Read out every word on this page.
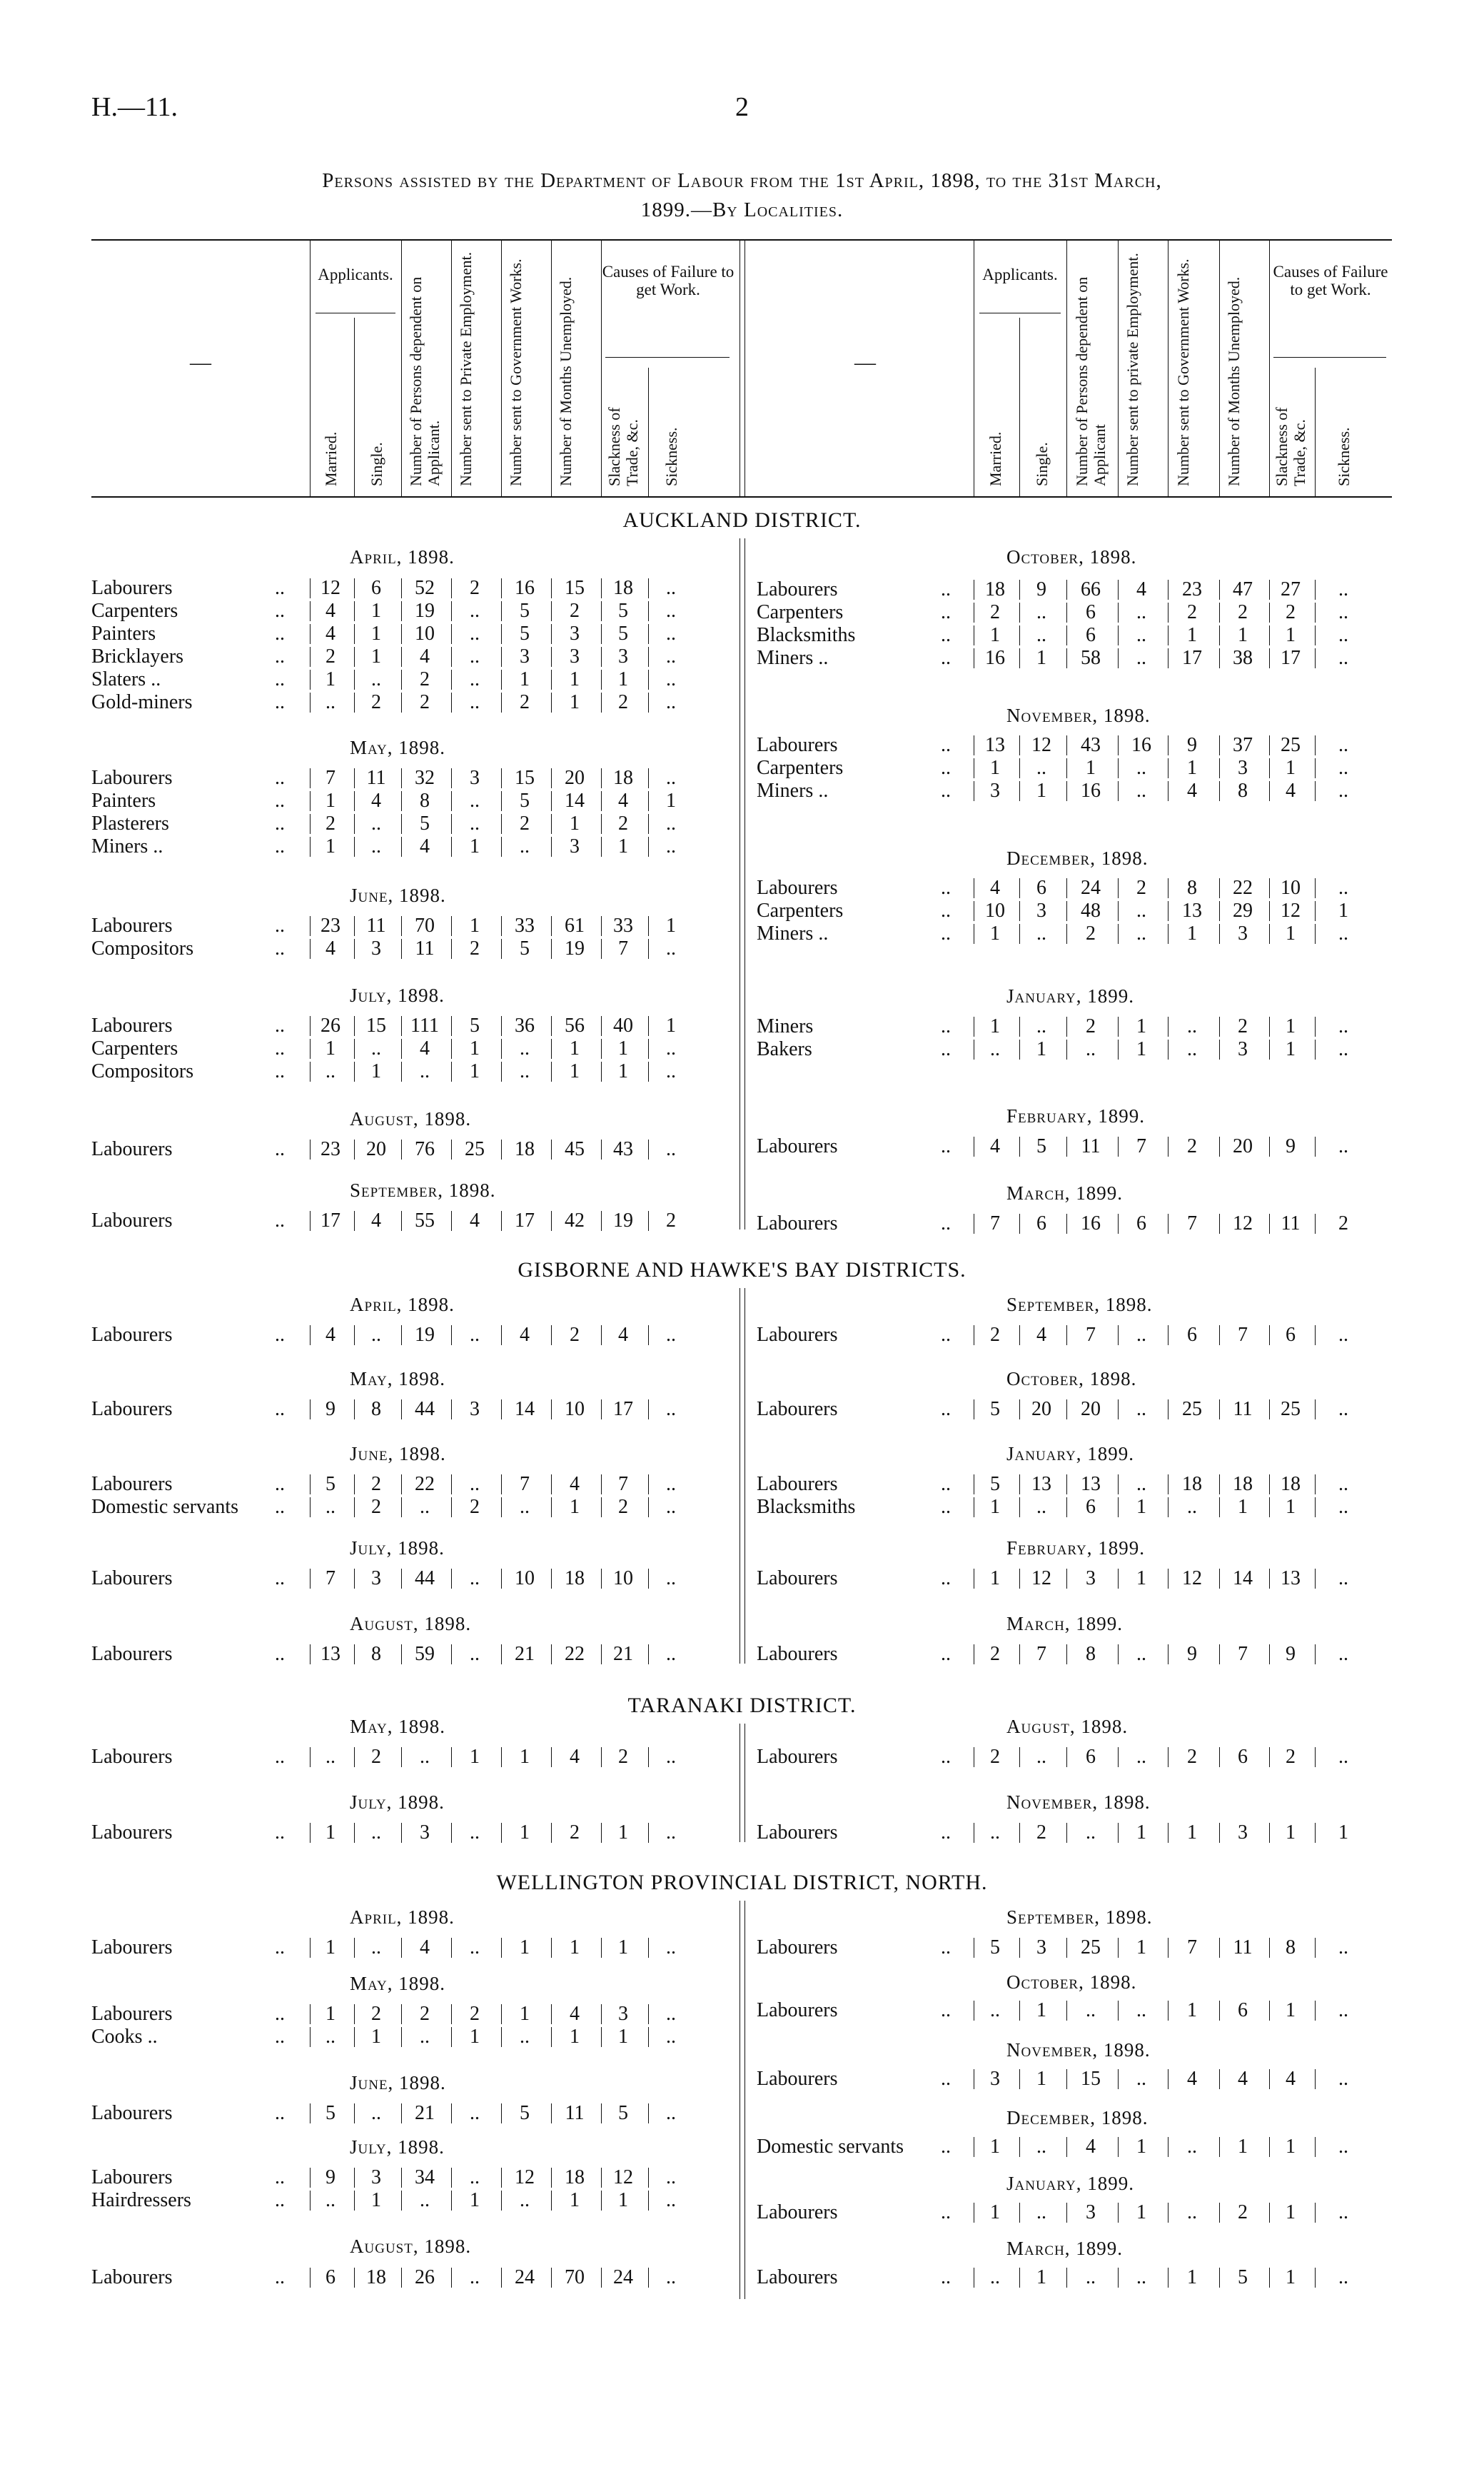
H.—11.	2
Persons assisted by the Department of Labour from the 1st April, 1898, to the 31st March,
1899.—By Localities.
—
Applicants.	Causes of Failure to get Work.
Married. Single. Number of Persons dependent on Applicant. Number sent to Private Employment. Number sent to Government Works. Number of Months Unemployed. Slackness of Trade, &c. Sickness.
—
Applicants.	Causes of Failure to get Work.
Married. Single. Number of Persons dependent on Applicant Number sent to private Employment. Number sent to Government Works. Number of Months Unemployed. Slackness of Trade, &c. Sickness.
AUCKLAND DISTRICT.
April, 1898.
Labourers	..	12	6	52	2	16	15	18	..
Carpenters	..	4	1	19	..	5	2	5	..
Painters	..	4	1	10	..	5	3	5	..
Bricklayers	..	2	1	4	..	3	3	3	..
Slaters ..	..	1	..	2	..	1	1	1	..
Gold-miners	..	..	2	2	..	2	1	2	..
May, 1898.
Labourers	..	7	11	32	3	15	20	18	..
Painters	..	1	4	8	..	5	14	4	1
Plasterers	..	2	..	5	..	2	1	2	..
Miners ..	..	1	..	4	1	..	3	1	..
June, 1898.
Labourers	..	23	11	70	1	33	61	33	1
Compositors	..	4	3	11	2	5	19	7	..
July, 1898.
Labourers	..	26	15	111	5	36	56	40	1
Carpenters	..	1	..	4	1	..	1	1	..
Compositors	..	..	1	..	1	..	1	1	..
August, 1898.
Labourers	..	23	20	76	25	18	45	43	..
September, 1898.
Labourers	..	17	4	55	4	17	42	19	2
October, 1898.
Labourers	..	18	9	66	4	23	47	27	..
Carpenters	..	2	..	6	..	2	2	2	..
Blacksmiths	..	1	..	6	..	1	1	1	..
Miners ..	..	16	1	58	..	17	38	17	..
November, 1898.
Labourers	..	13	12	43	16	9	37	25	..
Carpenters	..	1	..	1	..	1	3	1	..
Miners ..	..	3	1	16	..	4	8	4	..
December, 1898.
Labourers	..	4	6	24	2	8	22	10	..
Carpenters	..	10	3	48	..	13	29	12	1
Miners ..	..	1	..	2	..	1	3	1	..
January, 1899.
Miners	..	1	..	2	1	..	2	1	..
Bakers	..	..	1	..	1	..	3	1	..
February, 1899.
Labourers	..	4	5	11	7	2	20	9	..
March, 1899.
Labourers	..	7	6	16	6	7	12	11	2
GISBORNE AND HAWKE'S BAY DISTRICTS.
April, 1898.
Labourers	..	4	..	19	..	4	2	4	..
May, 1898.
Labourers	..	9	8	44	3	14	10	17	..
June, 1898.
Labourers	..	5	2	22	..	7	4	7	..
Domestic servants ..	..	2	..	2	..	1	2	..
July, 1898.
Labourers	..	7	3	44	..	10	18	10	..
August, 1898.
Labourers	..	13	8	59	..	21	22	21	..
September, 1898.
Labourers	..	2	4	7	..	6	7	6	..
October, 1898.
Labourers	..	5	20	20	..	25	11	25	..
January, 1899.
Labourers	..	5	13	13	..	18	18	18	..
Blacksmiths	..	1	..	6	1	..	1	1	..
February, 1899.
Labourers	..	1	12	3	1	12	14	13	..
March, 1899.
Labourers	..	2	7	8	..	9	7	9	..
TARANAKI DISTRICT.
May, 1898.
Labourers	..	..	2	..	1	1	4	2	..
July, 1898.
Labourers	..	1	..	3	..	1	2	1	..
August, 1898.
Labourers	..	2	..	6	..	2	6	2	..
November, 1898.
Labourers	..	..	2	..	1	1	3	1	1
WELLINGTON PROVINCIAL DISTRICT, NORTH.
April, 1898.
Labourers	..	1	..	4	..	1	1	1	..
May, 1898.
Labourers	..	1	2	2	2	1	4	3	..
Cooks ..	..	..	1	..	1	..	1	1	..
June, 1898.
Labourers	..	5	..	21	..	5	11	5	..
July, 1898.
Labourers	..	9	3	34	..	12	18	12	..
Hairdressers	..	..	1	..	1	..	1	1	..
August, 1898.
Labourers	..	6	18	26	..	24	70	24	..
September, 1898.
Labourers	..	5	3	25	1	7	11	8	..
October, 1898.
Labourers	..	..	1	..	..	1	6	1	..
November, 1898.
Labourers	..	3	1	15	..	4	4	4	..
December, 1898.
Domestic servants ..	1	..	4	1	..	1	1	..
January, 1899.
Labourers	..	1	..	3	1	..	2	1	..
March, 1899.
Labourers	..	..	1	..	..	1	5	1	..
